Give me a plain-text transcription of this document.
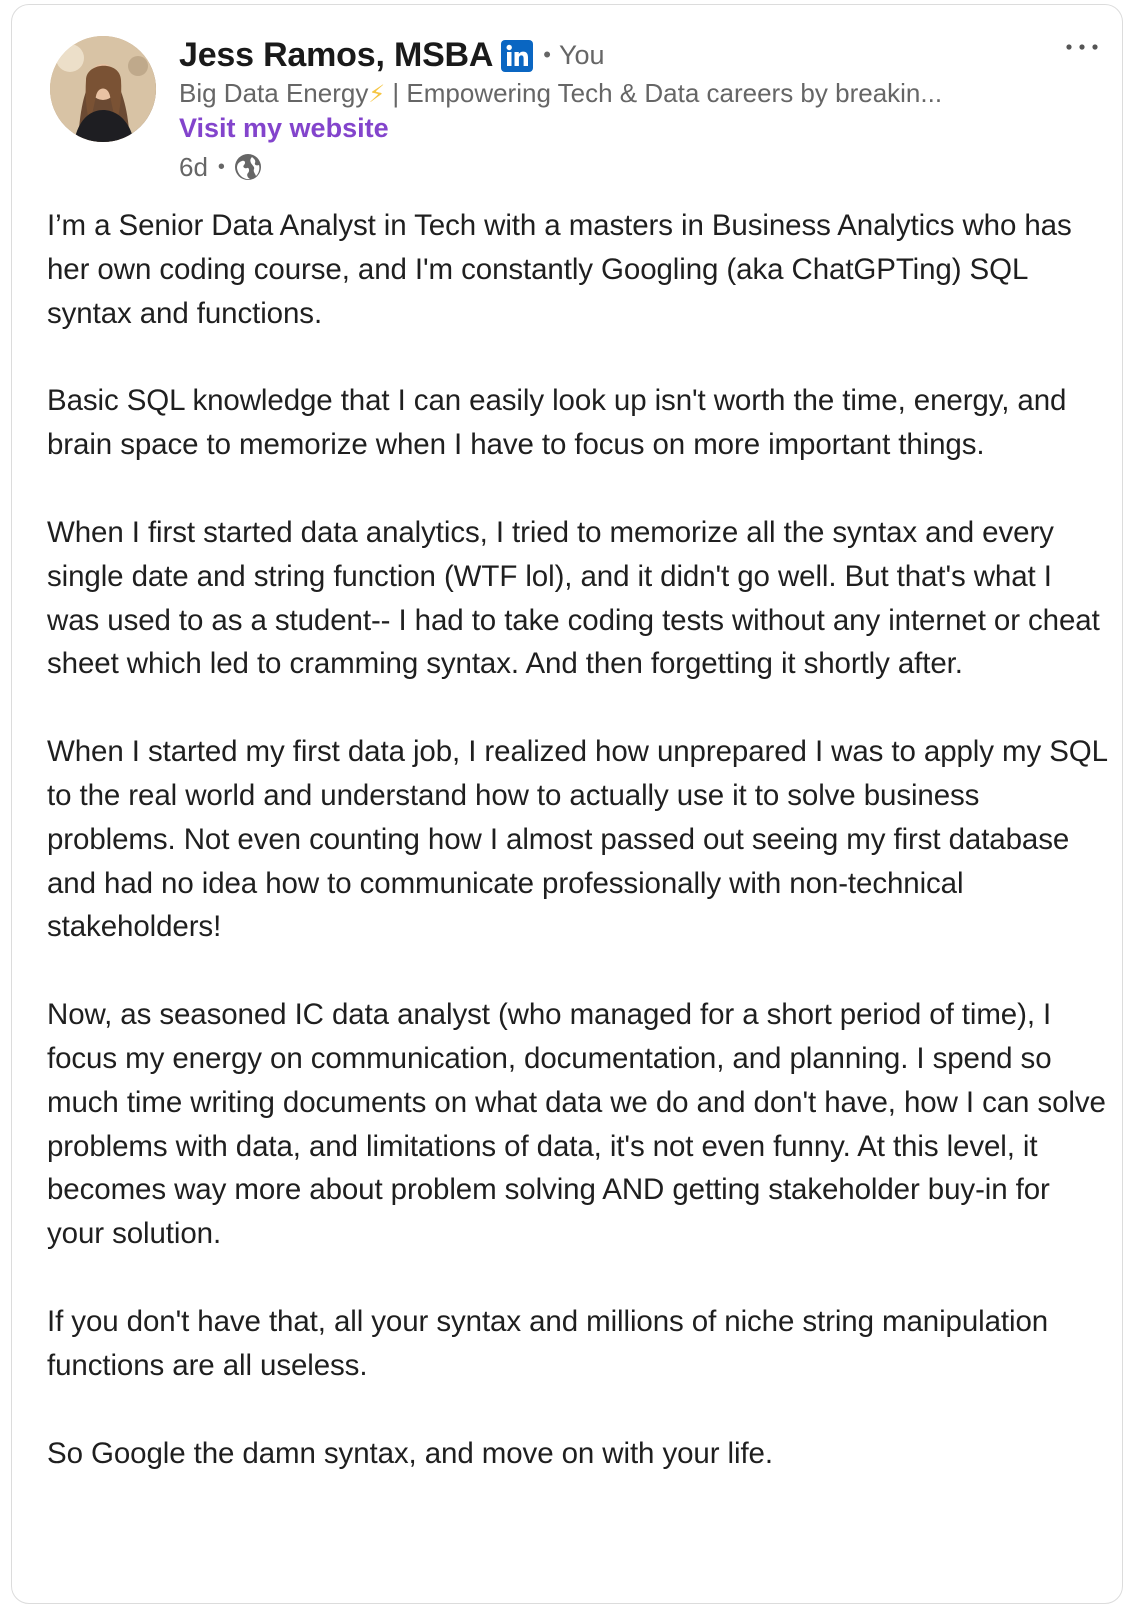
Jess Ramos, MSBA • You
Big Data Energy⚡ | Empowering Tech & Data careers by breakin...
Visit my website
6d •

I’m a Senior Data Analyst in Tech with a masters in Business Analytics who has her own coding course, and I'm constantly Googling (aka ChatGPTing) SQL syntax and functions.

Basic SQL knowledge that I can easily look up isn't worth the time, energy, and brain space to memorize when I have to focus on more important things.

When I first started data analytics, I tried to memorize all the syntax and every single date and string function (WTF lol), and it didn't go well. But that's what I was used to as a student-- I had to take coding tests without any internet or cheat sheet which led to cramming syntax. And then forgetting it shortly after.

When I started my first data job, I realized how unprepared I was to apply my SQL to the real world and understand how to actually use it to solve business problems. Not even counting how I almost passed out seeing my first database and had no idea how to communicate professionally with non-technical stakeholders!

Now, as seasoned IC data analyst (who managed for a short period of time), I focus my energy on communication, documentation, and planning. I spend so much time writing documents on what data we do and don't have, how I can solve problems with data, and limitations of data, it's not even funny. At this level, it becomes way more about problem solving AND getting stakeholder buy-in for your solution.

If you don't have that, all your syntax and millions of niche string manipulation functions are all useless.

So Google the damn syntax, and move on with your life.
